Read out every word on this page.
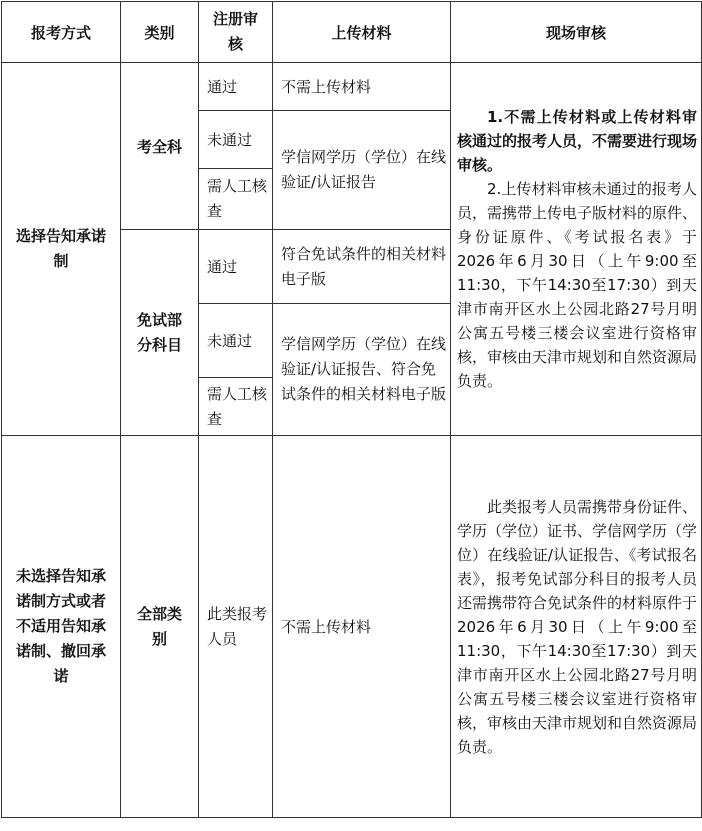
报考方式	类别	注册审核	上传材料	现场审核

选择告知承诺制	考全科	通过	不需上传材料	1.不需上传材料或上传材料审核通过的报考人员，不需要进行现场审核。
2.上传材料审核未通过的报考人员，需携带上传电子版材料的原件、身份证原件、《考试报名表》于2026年6月30日（上午9:00至11:30，下午14:30至17:30）到天津市南开区水上公园北路27号月明公寓五号楼三楼会议室进行资格审核，审核由天津市规划和自然资源局负责。

		未通过	学信网学历（学位）在线验证/认证报告	

		需人工核查		

	免试部分科目	通过	符合免试条件的相关材料电子版	

		未通过	学信网学历（学位）在线验证/认证报告、符合免试条件的相关材料电子版	

		需人工核查		

未选择告知承诺制方式或者不适用告知承诺制、撤回承诺	全部类别	此类报考人员	不需上传材料	此类报考人员需携带身份证件、学历（学位）证书、学信网学历（学位）在线验证/认证报告、《考试报名表》，报考免试部分科目的报考人员还需携带符合免试条件的材料原件于2026年6月30日（上午9:00至11:30，下午14:30至17:30）到天津市南开区水上公园北路27号月明公寓五号楼三楼会议室进行资格审核，审核由天津市规划和自然资源局负责。
